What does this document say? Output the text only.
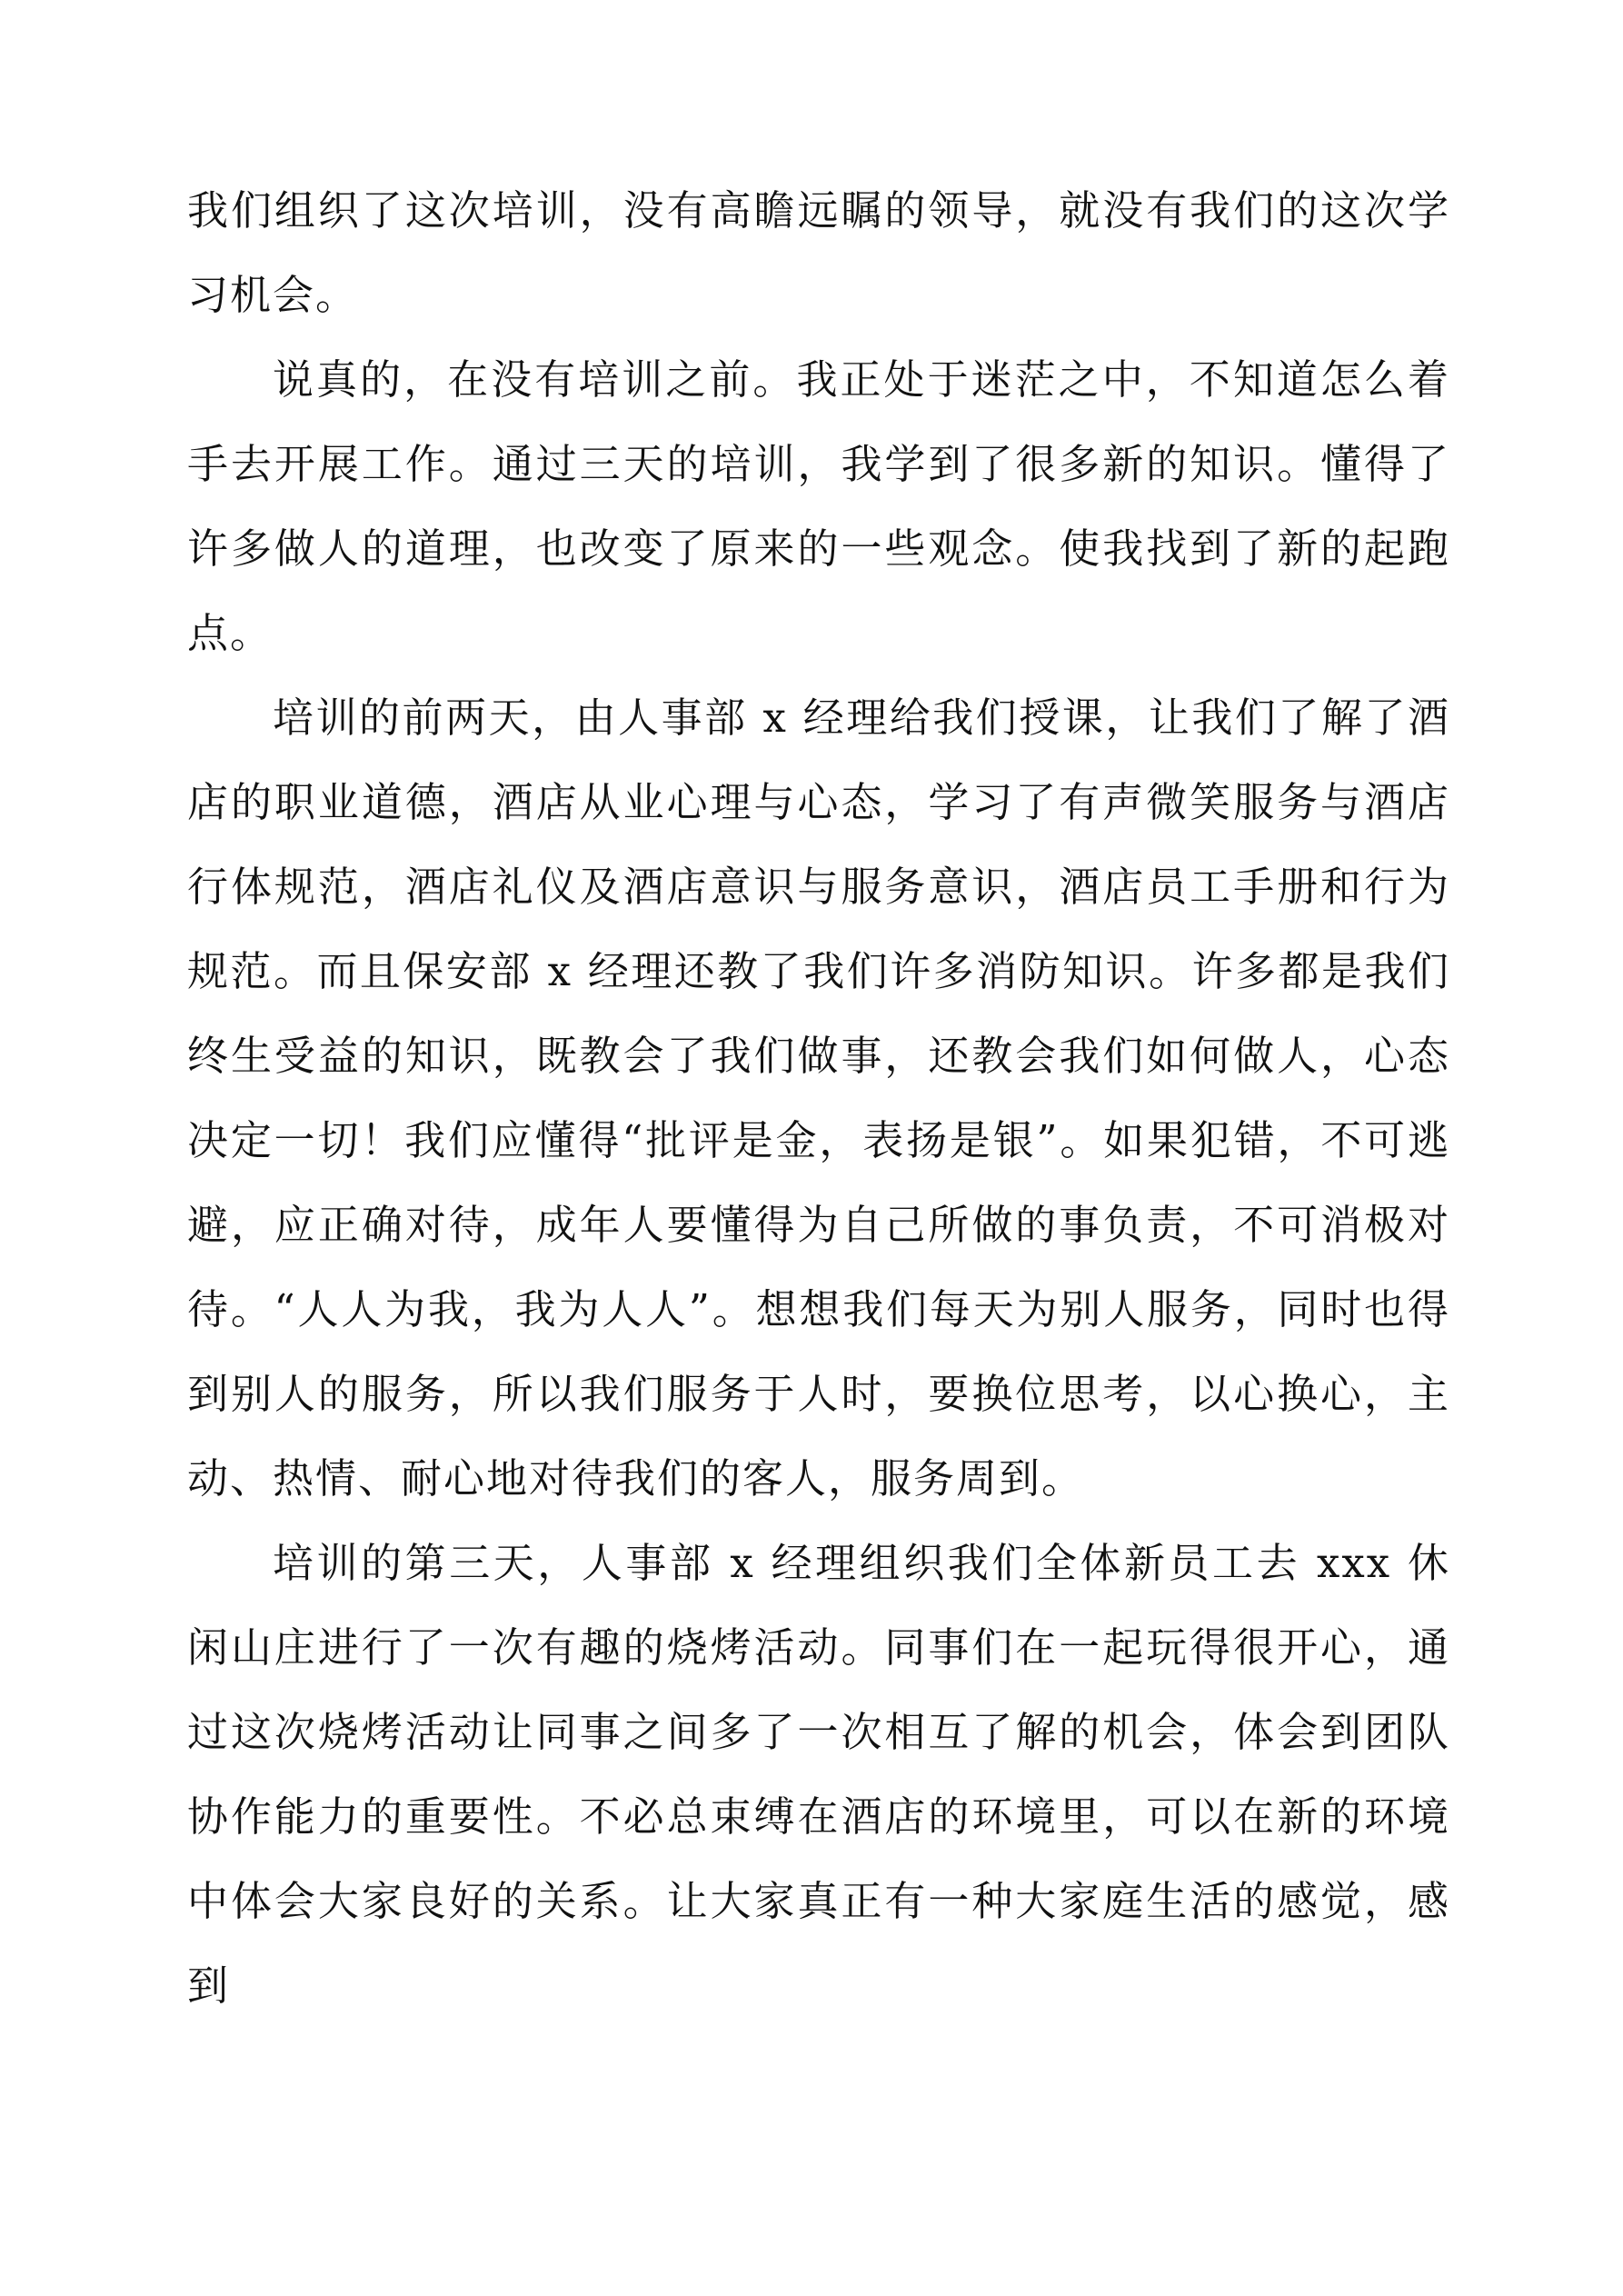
我们组织了这次培训，没有高瞻远瞩的领导，就没有我们的这次学习机会。

说真的，在没有培训之前。我正处于迷茫之中，不知道怎么着手去开展工作。通过三天的培训，我学到了很多新的知识。懂得了许多做人的道理，也改变了原来的一些观念。使我找到了新的起跑点。

培训的前两天，由人事部 x 经理给我们授课，让我们了解了酒店的职业道德，酒店从业心理与心态，学习了有声微笑服务与酒店行体规范，酒店礼仪及酒店意识与服务意识，酒店员工手册和行为规范。而且保安部 x 经理还教了我们许多消防知识。许多都是我们终生受益的知识，既教会了我们做事，还教会我们如何做人，心态决定一切！我们应懂得“批评是金，表扬是银”。如果犯错，不可逃避，应正确对待，成年人要懂得为自己所做的事负责，不可消极对待。“人人为我，我为人人”。想想我们每天为别人服务，同时也得到别人的服务，所以我们服务于人时，要换位思考，以心换心，主动、热情、耐心地对待我们的客人，服务周到。

培训的第三天，人事部 x 经理组织我们全体新员工去 xxx 休闲山庄进行了一次有趣的烧烤活动。同事们在一起玩得很开心，通过这次烧烤活动让同事之间多了一次相互了解的机会，体会到团队协作能力的重要性。不必总束缚在酒店的环境里，可以在新的环境中体会大家良好的关系。让大家真正有一种大家庭生活的感觉，感到
